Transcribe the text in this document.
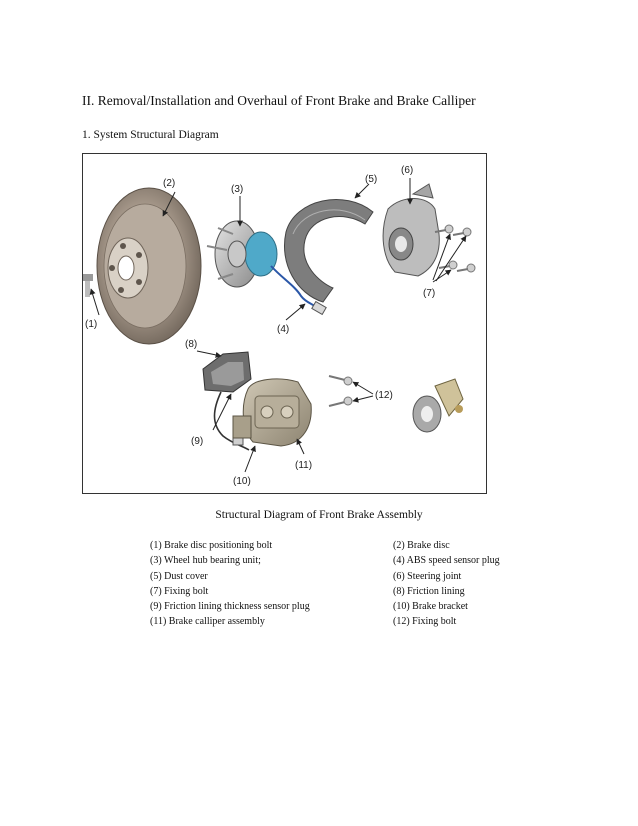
II. Removal/Installation and Overhaul of Front Brake and Brake Calliper
1. System Structural Diagram
(1)
(2)
(3)
(4)
(5)
(6)
(7)
(8)
(9)
(10)
(11)
(12)
Structural Diagram of Front Brake Assembly
(1) Brake disc positioning bolt	(2) Brake disc
(3) Wheel hub bearing unit;	(4) ABS speed sensor plug
(5) Dust cover	(6) Steering joint
(7) Fixing bolt	(8) Friction lining
(9) Friction lining thickness sensor plug	(10) Brake bracket
(11) Brake calliper assembly	(12) Fixing bolt
